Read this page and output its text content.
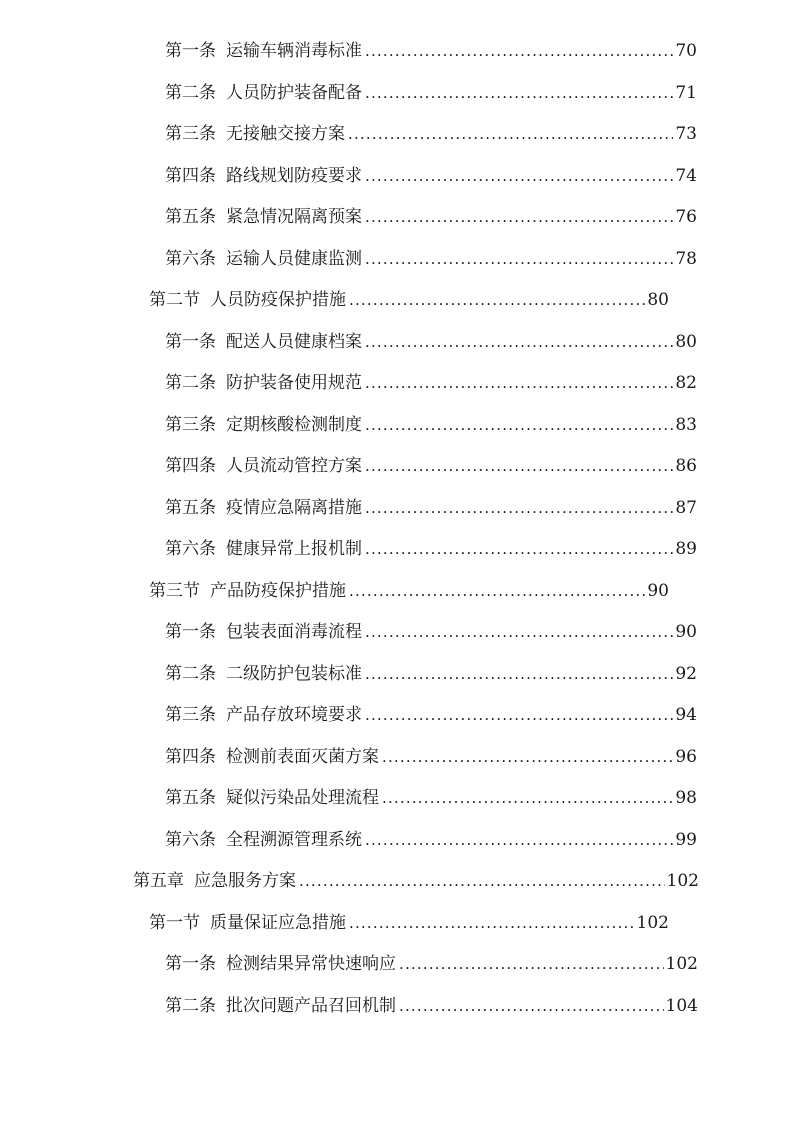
第一条 运输车辆消毒标准 .....	70
第二条 人员防护装备配备 .....	71
第三条 无接触交接方案 .....	73
第四条 路线规划防疫要求 .....	74
第五条 紧急情况隔离预案 .....	76
第六条 运输人员健康监测 .....	78
第二节 人员防疫保护措施 .....	80
第一条 配送人员健康档案 .....	80
第二条 防护装备使用规范 .....	82
第三条 定期核酸检测制度 .....	83
第四条 人员流动管控方案 .....	86
第五条 疫情应急隔离措施 .....	87
第六条 健康异常上报机制 .....	89
第三节 产品防疫保护措施 .....	90
第一条 包装表面消毒流程 .....	90
第二条 二级防护包装标准 .....	92
第三条 产品存放环境要求 .....	94
第四条 检测前表面灭菌方案 .....	96
第五条 疑似污染品处理流程 .....	98
第六条 全程溯源管理系统 .....	99
第五章 应急服务方案 .....	102
第一节 质量保证应急措施 .....	102
第一条 检测结果异常快速响应 .....	102
第二条 批次问题产品召回机制 .....	104
